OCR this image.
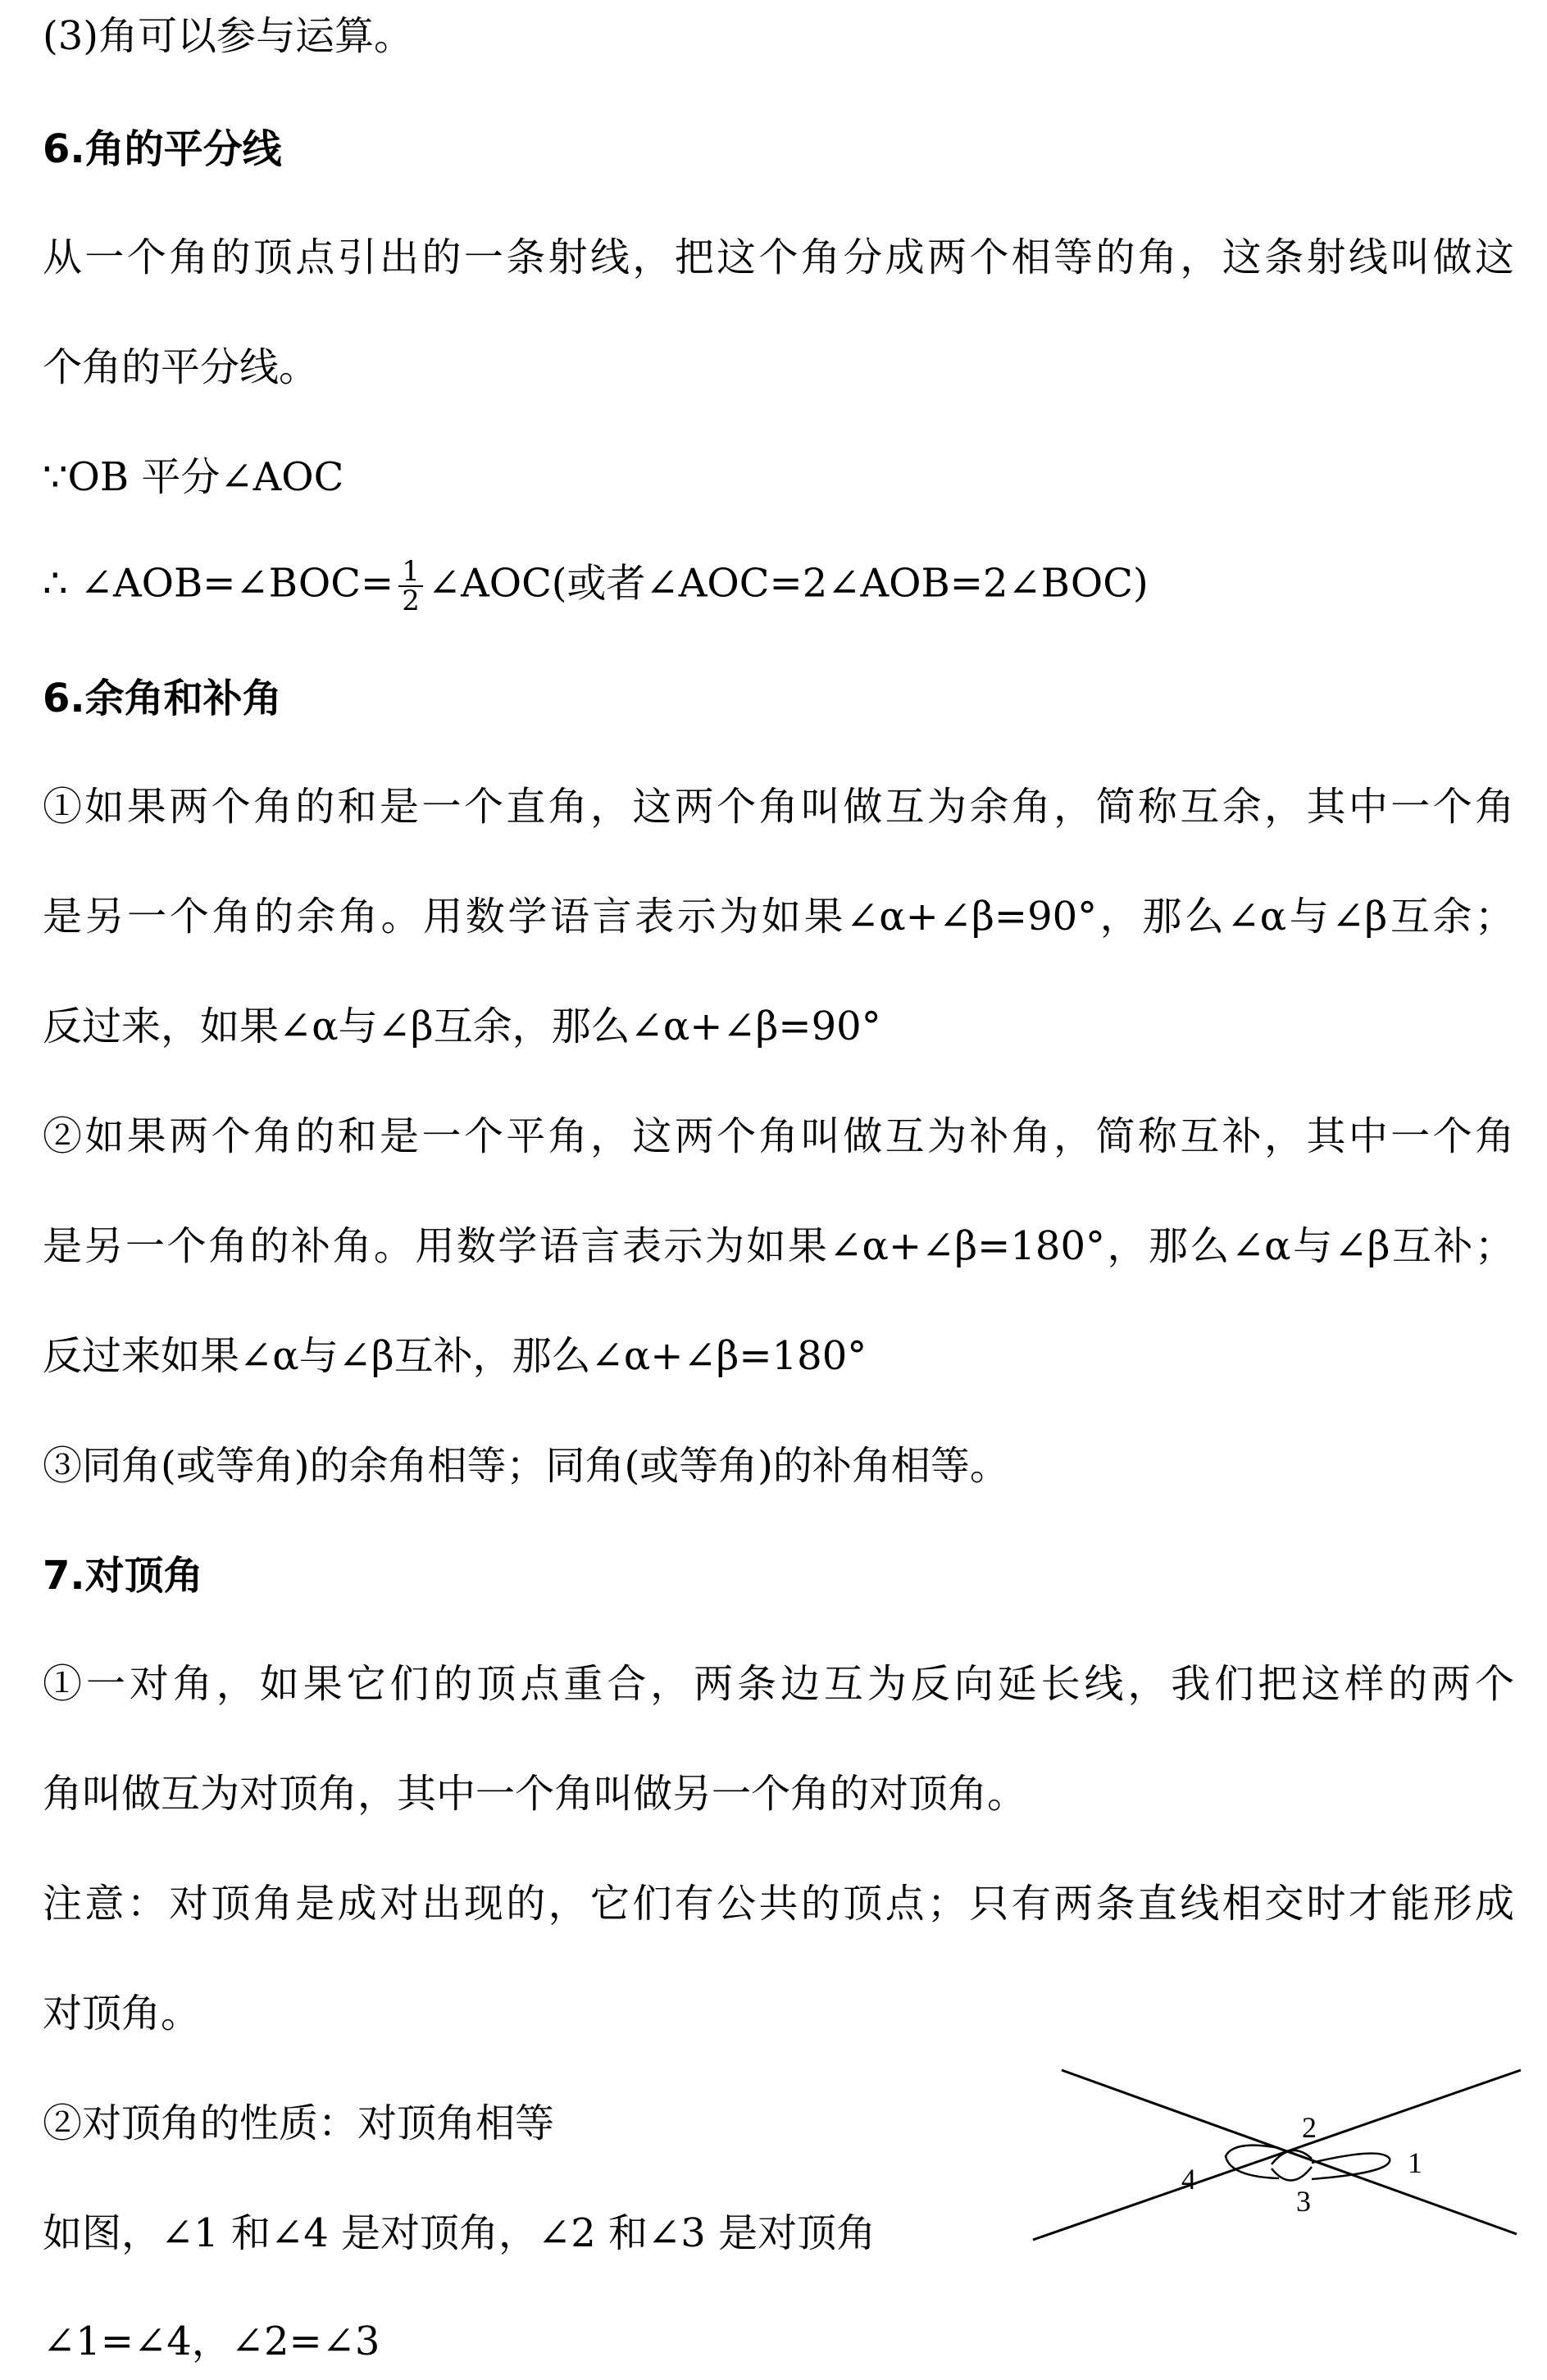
(3)角可以参与运算。
6.角的平分线
从一个角的顶点引出的一条射线，把这个角分成两个相等的角，这条射线叫做这
个角的平分线。
∵OB 平分∠AOC
∴ ∠AOB=∠BOC= $\frac{1}{2}$ ∠AOC(或者∠AOC=2∠AOB=2∠BOC)
6.余角和补角
①如果两个角的和是一个直角，这两个角叫做互为余角，简称互余，其中一个角
是另一个角的余角。用数学语言表示为如果∠α+∠β=90°，那么∠α与∠β互余；
反过来，如果∠α与∠β互余，那么∠α+∠β=90°
②如果两个角的和是一个平角，这两个角叫做互为补角，简称互补，其中一个角
是另一个角的补角。用数学语言表示为如果∠α+∠β=180°，那么∠α与∠β互补；
反过来如果∠α与∠β互补，那么∠α+∠β=180°
③同角(或等角)的余角相等；同角(或等角)的补角相等。
7.对顶角
①一对角，如果它们的顶点重合，两条边互为反向延长线，我们把这样的两个
角叫做互为对顶角，其中一个角叫做另一个角的对顶角。
注意：对顶角是成对出现的，它们有公共的顶点；只有两条直线相交时才能形成
对顶角。
②对顶角的性质：对顶角相等
如图，∠1 和∠4 是对顶角，∠2 和∠3 是对顶角
∠1=∠4，∠2=∠3
2
1
4
3
